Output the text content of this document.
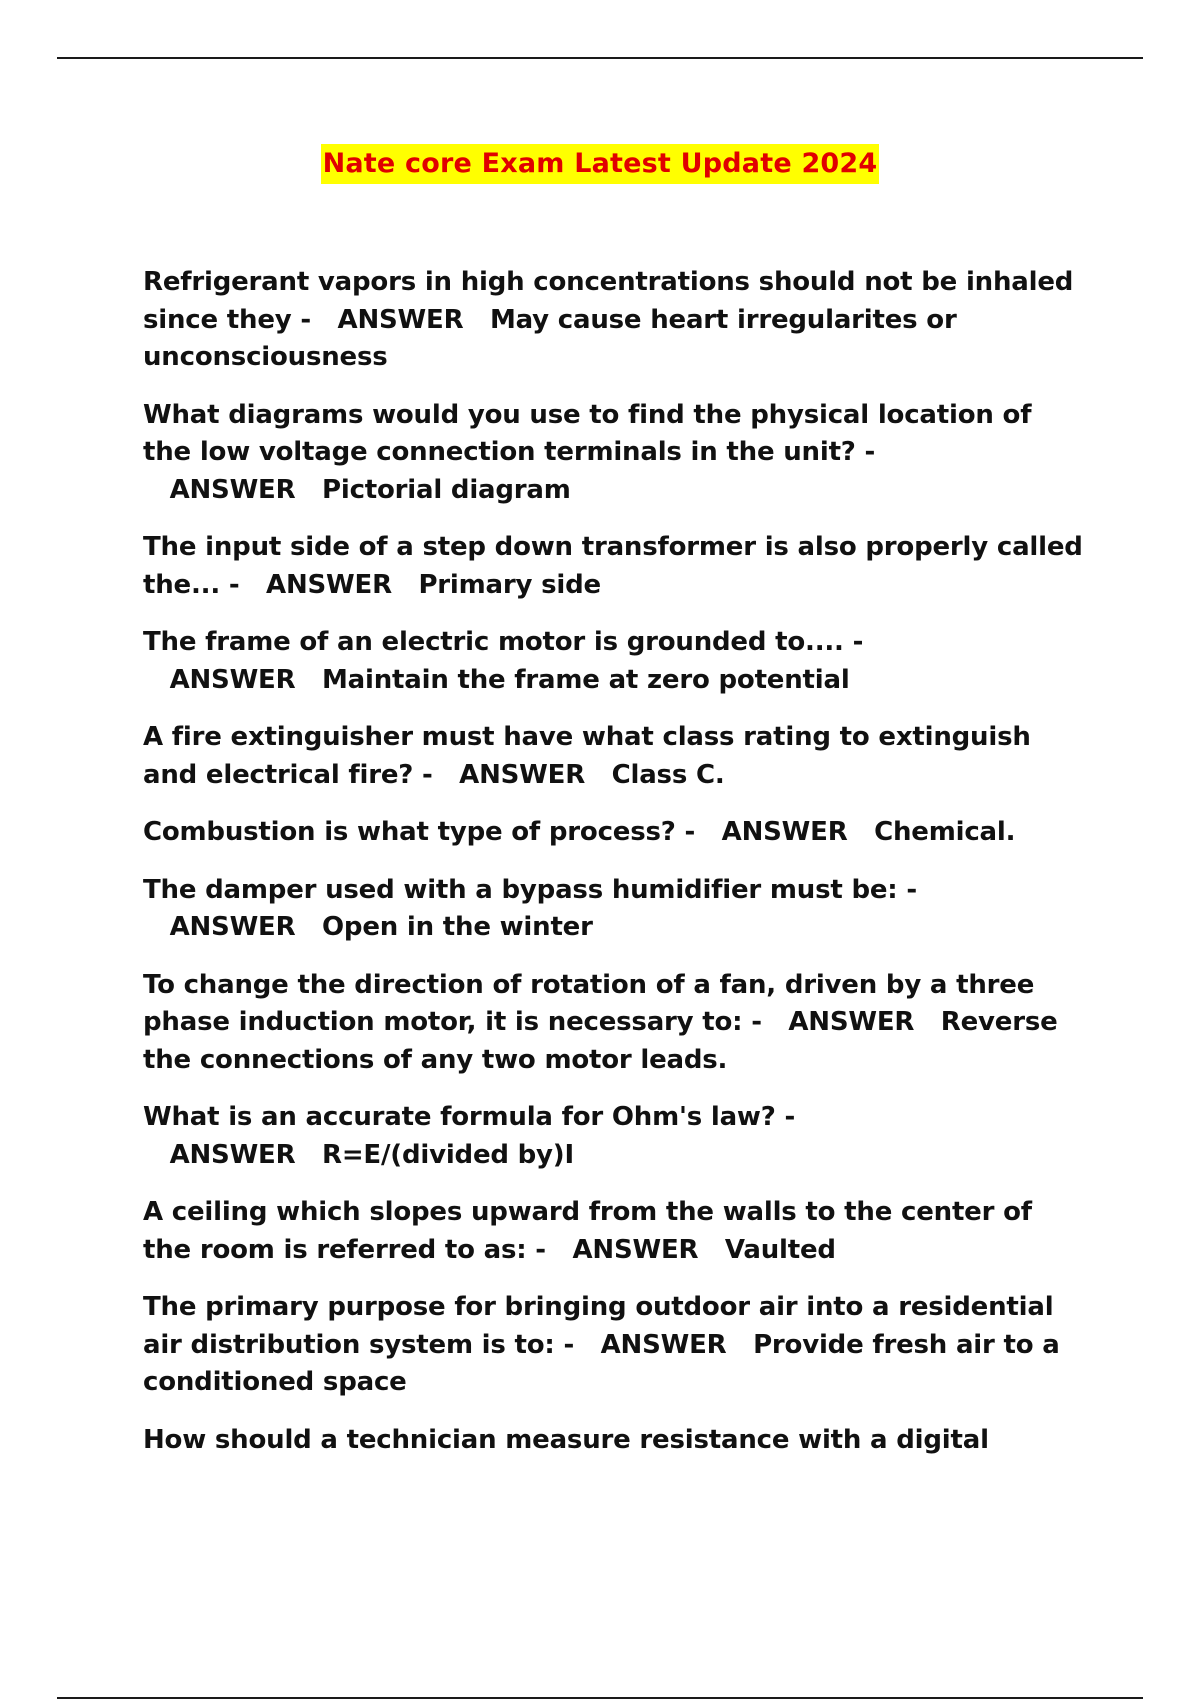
Nate core Exam Latest Update 2024
Refrigerant vapors in high concentrations should not be inhaled since they - ANSWER May cause heart irregularites or unconsciousness
What diagrams would you use to find the physical location of the low voltage connection terminals in the unit? -   ANSWER Pictorial diagram
The input side of a step down transformer is also properly called the... - ANSWER Primary side
The frame of an electric motor is grounded to.... -   ANSWER Maintain the frame at zero potential
A fire extinguisher must have what class rating to extinguish and electrical fire? - ANSWER Class C.
Combustion is what type of process? - ANSWER Chemical.
The damper used with a bypass humidifier must be: -   ANSWER Open in the winter
To change the direction of rotation of a fan, driven by a three phase induction motor, it is necessary to: - ANSWER Reverse the connections of any two motor leads.
What is an accurate formula for Ohm's law? -   ANSWER R=E/(divided by)I
A ceiling which slopes upward from the walls to the center of the room is referred to as: - ANSWER Vaulted
The primary purpose for bringing outdoor air into a residential air distribution system is to: - ANSWER Provide fresh air to a conditioned space
How should a technician measure resistance with a digital
